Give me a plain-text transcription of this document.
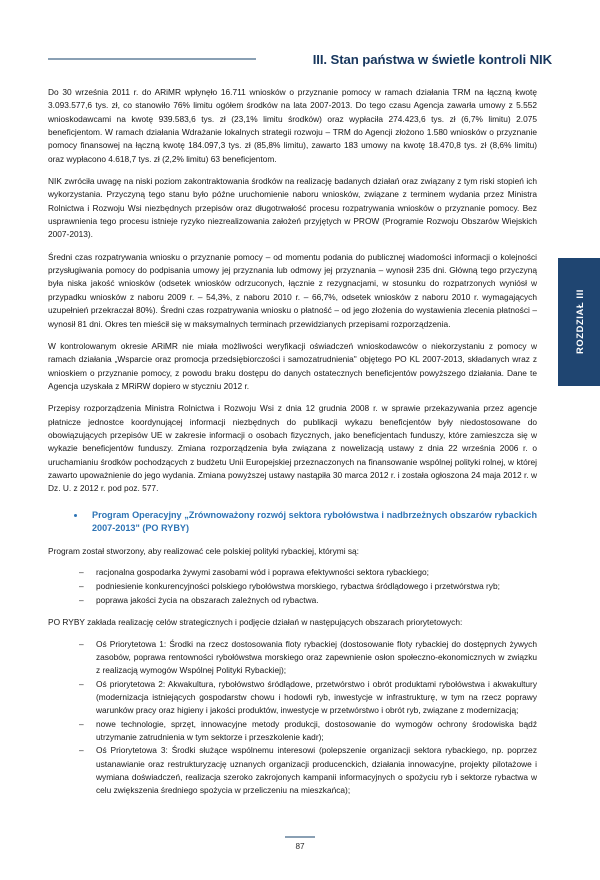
III. Stan państwa w świetle kontroli NIK
ROZDZIAŁ III

Do 30 września 2011 r. do ARiMR wpłynęło 16.711 wniosków o przyznanie pomocy w ramach działania TRM na łączną kwotę 3.093.577,6 tys. zł, co stanowiło 76% limitu ogółem środków na lata 2007-2013. Do tego czasu Agencja zawarła umowy z 5.552 wnioskodawcami na kwotę 939.583,6 tys. zł (23,1% limitu środków) oraz wypłaciła 274.423,6 tys. zł (6,7% limitu) 2.075 beneficjentom. W ramach działania Wdrażanie lokalnych strategii rozwoju – TRM do Agencji złożono 1.580 wniosków o przyznanie pomocy finansowej na łączną kwotę 184.097,3 tys. zł (85,8% limitu), zawarto 183 umowy na kwotę 18.470,8 tys. zł (8,6% limitu) oraz wypłacono 4.618,7 tys. zł (2,2% limitu) 63 beneficjentom.

NIK zwróciła uwagę na niski poziom zakontraktowania środków na realizację badanych działań oraz związany z tym riski stopień ich wykorzystania. Przyczyną tego stanu było późne uruchomienie naboru wniosków, związane z terminem wydania przez Ministra Rolnictwa i Rozwoju Wsi niezbędnych przepisów oraz długotrwałość procesu rozpatrywania wniosków o przyznanie pomocy. Bez usprawnienia tego procesu istnieje ryzyko niezrealizowania założeń przyjętych w PROW (Programie Rozwoju Obszarów Wiejskich 2007-2013).

Średni czas rozpatrywania wniosku o przyznanie pomocy – od momentu podania do publicznej wiadomości informacji o kolejności przysługiwania pomocy do podpisania umowy jej przyznania lub odmowy jej przyznania – wynosił 235 dni. Główną tego przyczyną była niska jakość wniosków (odsetek wniosków odrzuconych, łącznie z rezygnacjami, w stosunku do rozpatrzonych wyniósł w przypadku wniosków z naboru 2009 r. – 54,3%, z naboru 2010 r. – 66,7%, odsetek wniosków z naboru 2010 r. wymagających uzupełnień przekraczał 80%). Średni czas rozpatrywania wniosku o płatność – od jego złożenia do wystawienia zlecenia płatności – wynosił 81 dni. Okres ten mieścił się w maksymalnych terminach przewidzianych przepisami rozporządzenia.

W kontrolowanym okresie ARiMR nie miała możliwości weryfikacji oświadczeń wnioskodawców o niekorzystaniu z pomocy w ramach działania „Wsparcie oraz promocja przedsiębiorczości i samozatrudnienia" objętego PO KL 2007-2013, składanych wraz z wnioskiem o przyznanie pomocy, z powodu braku dostępu do danych ostatecznych beneficjentów powyższego działania. Dane te Agencja uzyskała z MRiRW dopiero w styczniu 2012 r.

Przepisy rozporządzenia Ministra Rolnictwa i Rozwoju Wsi z dnia 12 grudnia 2008 r. w sprawie przekazywania przez agencje płatnicze jednostce koordynującej informacji niezbędnych do publikacji wykazu beneficjentów były niedostosowane do obowiązujących przepisów UE w zakresie informacji o osobach fizycznych, jako beneficjentach funduszy, które zamieszcza się w wykazie beneficjentów funduszy. Zmiana rozporządzenia była związana z nowelizacją ustawy z dnia 22 września 2006 r. o uruchamianiu środków pochodzących z budżetu Unii Europejskiej przeznaczonych na finansowanie wspólnej polityki rolnej, w której zawarto upoważnienie do jego wydania. Zmiana powyższej ustawy nastąpiła 30 marca 2012 r. i została ogłoszona 24 maja 2012 r. w Dz. U. z 2012 r. pod poz. 577.

Program Operacyjny „Zrównoważony rozwój sektora rybołówstwa i nadbrzeżnych obszarów rybackich 2007-2013" (PO RYBY)

Program został stworzony, aby realizować cele polskiej polityki rybackiej, którymi są:

– racjonalna gospodarka żywymi zasobami wód i poprawa efektywności sektora rybackiego;
– podniesienie konkurencyjności polskiego rybołówstwa morskiego, rybactwa śródlądowego i przetwórstwa ryb;
– poprawa jakości życia na obszarach zależnych od rybactwa.

PO RYBY zakłada realizację celów strategicznych i podjęcie działań w następujących obszarach priorytetowych:

– Oś Priorytetowa 1: Środki na rzecz dostosowania floty rybackiej (dostosowanie floty rybackiej do dostępnych żywych zasobów, poprawa rentowności rybołówstwa morskiego oraz zapewnienie osłon społeczno-ekonomicznych w związku z realizacją wymogów Wspólnej Polityki Rybackiej);
– Oś priorytetowa 2: Akwakultura, rybołówstwo śródlądowe, przetwórstwo i obrót produktami rybołówstwa i akwakultury (modernizacja istniejących gospodarstw chowu i hodowli ryb, inwestycje w infrastrukturę, w tym na rzecz poprawy warunków pracy oraz higieny i jakości produktów, inwestycje w przetwórstwo i obrót ryb, związane z modernizacją;
– nowe technologie, sprzęt, innowacyjne metody produkcji, dostosowanie do wymogów ochrony środowiska bądź utrzymanie zatrudnienia w tym sektorze i przeszkolenie kadr);
– Oś Priorytetowa 3: Środki służące wspólnemu interesowi (polepszenie organizacji sektora rybackiego, np. poprzez ustanawianie oraz restrukturyzację uznanych organizacji producenckich, działania innowacyjne, projekty pilotażowe i wymiana doświadczeń, realizacja szeroko zakrojonych kampanii informacyjnych o spożyciu ryb i sektorze rybactwa w celu zwiększenia średniego spożycia w przeliczeniu na mieszkańca);
87
